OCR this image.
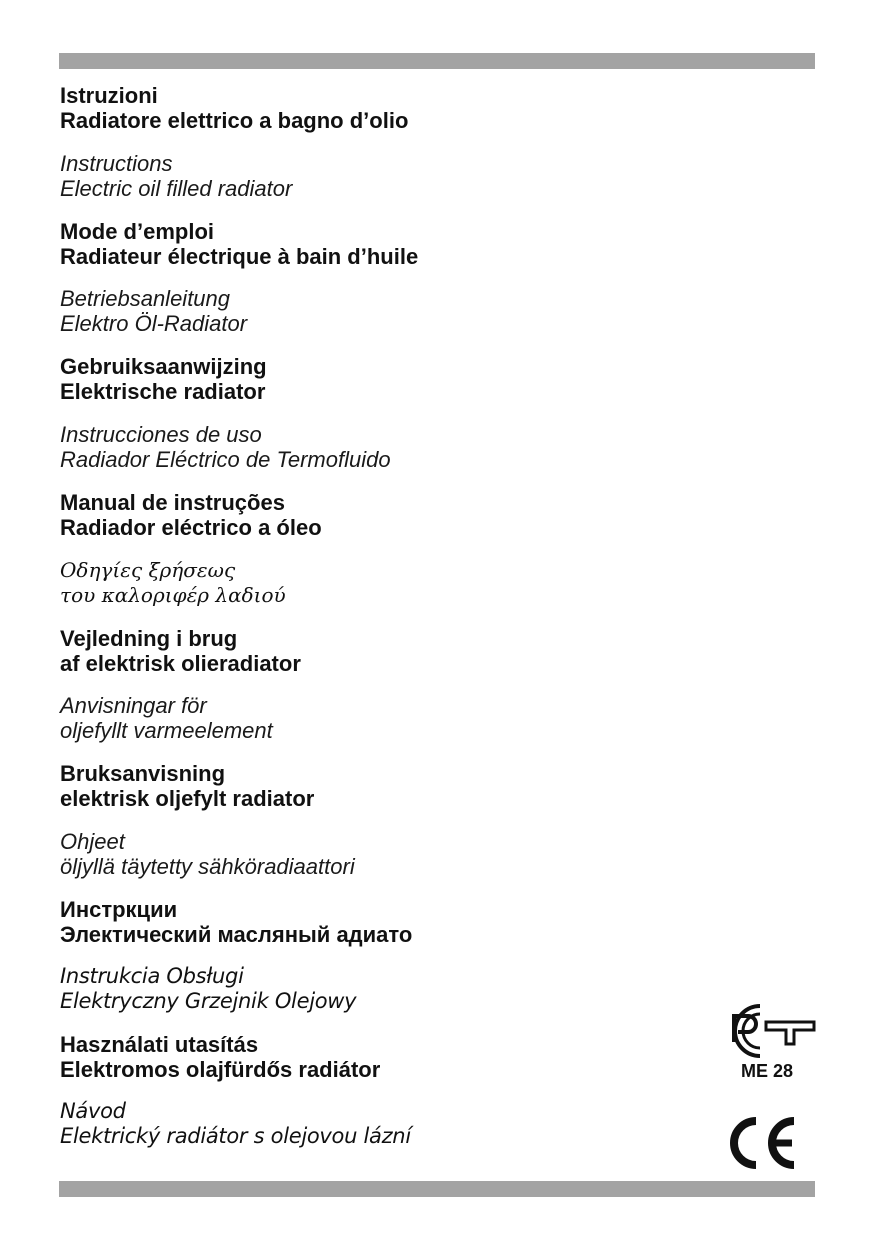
Istruzioni
Radiatore elettrico a bagno d’olio
Instructions
Electric oil filled radiator
Mode d’emploi
Radiateur électrique à bain d’huile
Betriebsanleitung
Elektro Öl-Radiator
Gebruiksaanwijzing
Elektrische radiator
Instrucciones de uso
Radiador Eléctrico de Termofluido
Manual de instruções
Radiador eléctrico a óleo
Οδηγίες ξρήσεως
του καλοριφέρ λαδιού
Vejledning i brug
af elektrisk olieradiator
Anvisningar för
oljefyllt varmeelement
Bruksanvisning
elektrisk oljefylt radiator
Ohjeet
öljyllä täytetty sähköradiaattori
Инстркции
Электический масляный адиато
Instrukcia Obsługi
Elektryczny Grzejnik Olejowy
Használati utasítás
Elektromos olajfürdős radiátor
Návod
Elektrický radiátor s olejovou lázní
ME 28
